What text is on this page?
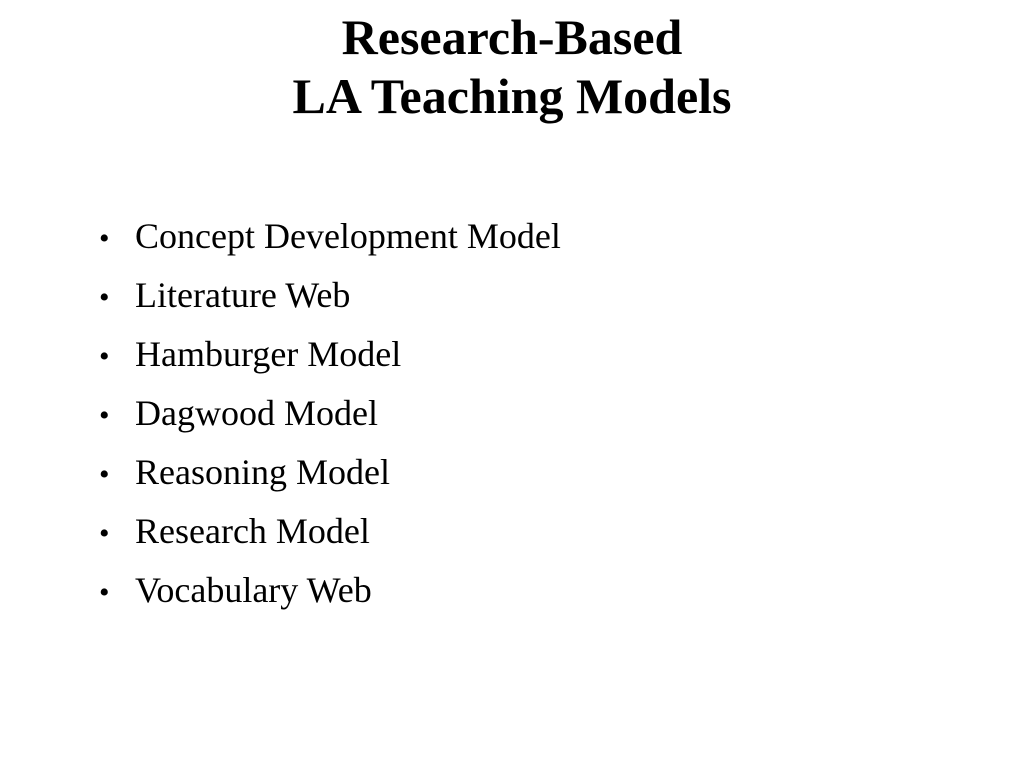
Research-Based
LA Teaching Models
• Concept Development Model
• Literature Web
• Hamburger Model
• Dagwood Model
• Reasoning Model
• Research Model
• Vocabulary Web
